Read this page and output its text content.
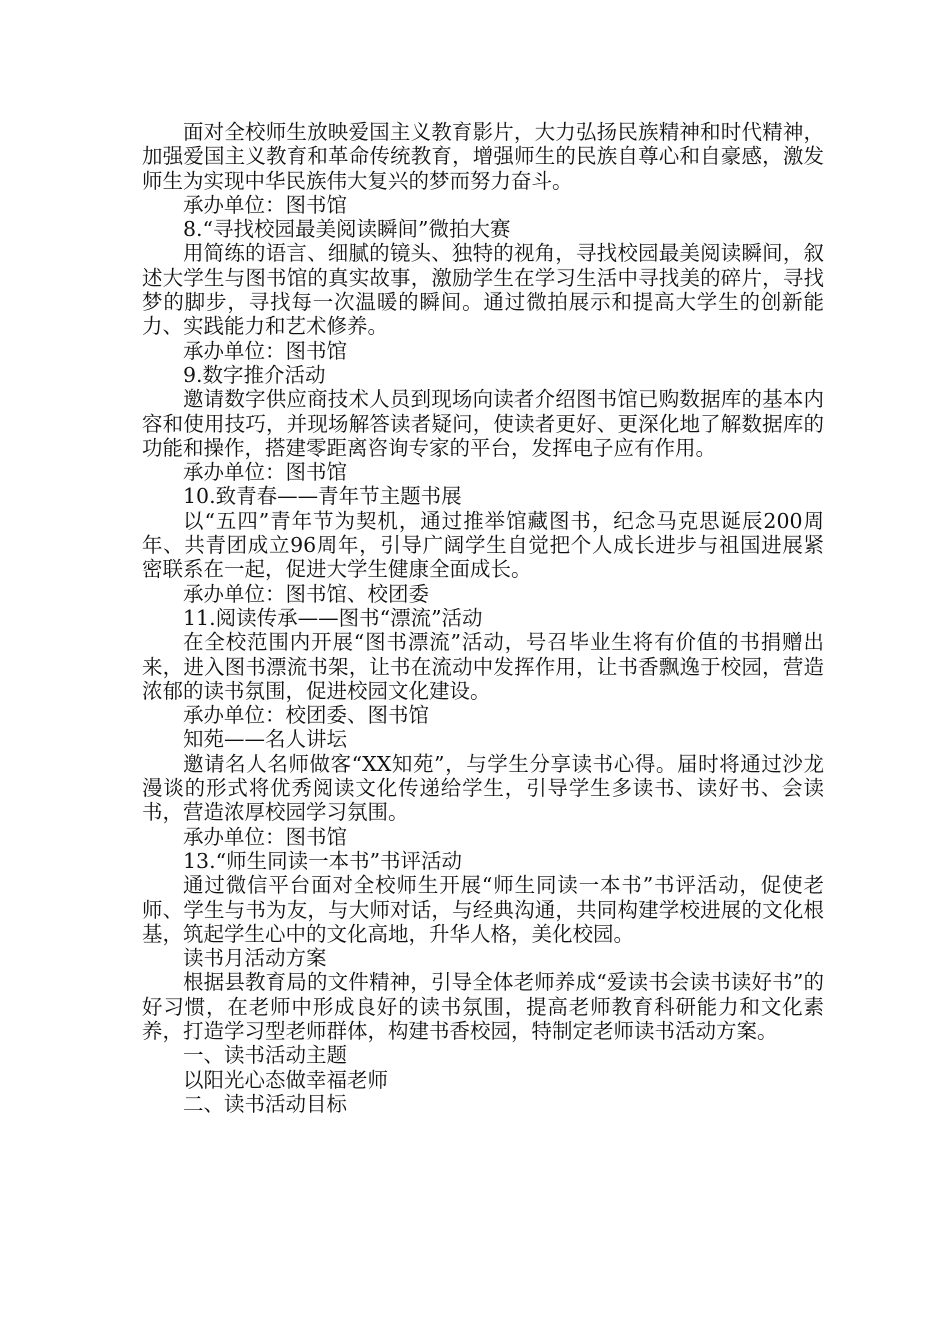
面对全校师生放映爱国主义教育影片，大力弘扬民族精神和时代精神，加强爱国主义教育和革命传统教育，增强师生的民族自尊心和自豪感，激发师生为实现中华民族伟大复兴的梦而努力奋斗。

承办单位：图书馆

8.“寻找校园最美阅读瞬间”微拍大赛

用简练的语言、细腻的镜头、独特的视角，寻找校园最美阅读瞬间，叙述大学生与图书馆的真实故事，激励学生在学习生活中寻找美的碎片，寻找梦的脚步，寻找每一次温暖的瞬间。通过微拍展示和提高大学生的创新能力、实践能力和艺术修养。

承办单位：图书馆

9.数字推介活动

邀请数字供应商技术人员到现场向读者介绍图书馆已购数据库的基本内容和使用技巧，并现场解答读者疑问，使读者更好、更深化地了解数据库的功能和操作，搭建零距离咨询专家的平台，发挥电子应有作用。

承办单位：图书馆

10.致青春——青年节主题书展

以“五四”青年节为契机，通过推举馆藏图书，纪念马克思诞辰200周年、共青团成立96周年，引导广阔学生自觉把个人成长进步与祖国进展紧密联系在一起，促进大学生健康全面成长。

承办单位：图书馆、校团委

11.阅读传承——图书“漂流”活动

在全校范围内开展“图书漂流”活动，号召毕业生将有价值的书捐赠出来，进入图书漂流书架，让书在流动中发挥作用，让书香飘逸于校园，营造浓郁的读书氛围，促进校园文化建设。

承办单位：校团委、图书馆

知苑——名人讲坛

邀请名人名师做客“XX知苑”，与学生分享读书心得。届时将通过沙龙漫谈的形式将优秀阅读文化传递给学生，引导学生多读书、读好书、会读书，营造浓厚校园学习氛围。

承办单位：图书馆

13.“师生同读一本书”书评活动

通过微信平台面对全校师生开展“师生同读一本书”书评活动，促使老师、学生与书为友，与大师对话，与经典沟通，共同构建学校进展的文化根基，筑起学生心中的文化高地，升华人格，美化校园。

读书月活动方案

根据县教育局的文件精神，引导全体老师养成“爱读书会读书读好书”的好习惯，在老师中形成良好的读书氛围，提高老师教育科研能力和文化素养，打造学习型老师群体，构建书香校园，特制定老师读书活动方案。

一、读书活动主题

以阳光心态做幸福老师

二、读书活动目标
